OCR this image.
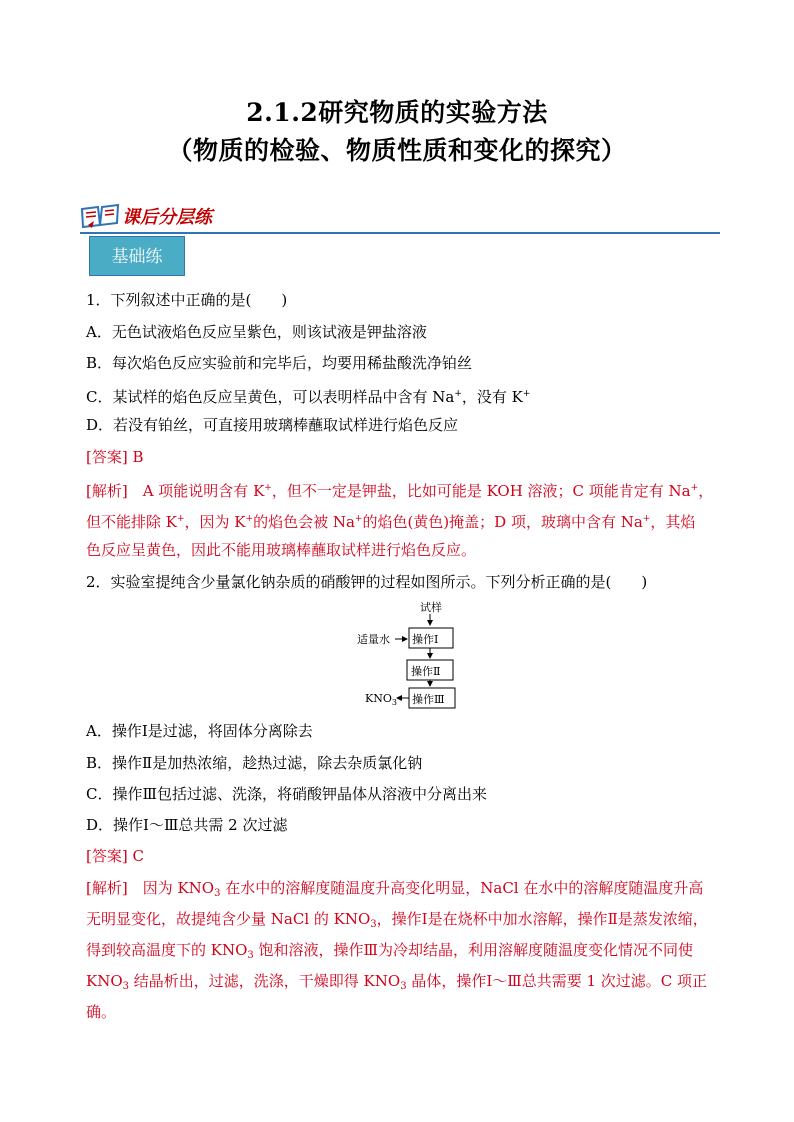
2.1.2研究物质的实验方法
（物质的检验、物质性质和变化的探究）
课后分层练
基础练
1．下列叙述中正确的是(　　)
A．无色试液焰色反应呈紫色，则该试液是钾盐溶液
B．每次焰色反应实验前和完毕后，均要用稀盐酸洗净铂丝
C．某试样的焰色反应呈黄色，可以表明样品中含有 Na+，没有 K+
D．若没有铂丝，可直接用玻璃棒蘸取试样进行焰色反应
[答案] B
[解析]　A 项能说明含有 K+，但不一定是钾盐，比如可能是 KOH 溶液；C 项能肯定有 Na+，
但不能排除 K+，因为 K+的焰色会被 Na+的焰色(黄色)掩盖；D 项，玻璃中含有 Na+，其焰
色反应呈黄色，因此不能用玻璃棒蘸取试样进行焰色反应。
2．实验室提纯含少量氯化钠杂质的硝酸钾的过程如图所示。下列分析正确的是(　　)
试样
适量水 操作Ⅰ
操作Ⅱ
操作Ⅲ
$KNO_3$
A．操作Ⅰ是过滤，将固体分离除去
B．操作Ⅱ是加热浓缩，趁热过滤，除去杂质氯化钠
C．操作Ⅲ包括过滤、洗涤，将硝酸钾晶体从溶液中分离出来
D．操作Ⅰ～Ⅲ总共需 2 次过滤
[答案] C
[解析]　因为 $KNO_3$ 在水中的溶解度随温度升高变化明显，NaCl 在水中的溶解度随温度升高
无明显变化，故提纯含少量 NaCl 的 $KNO_3$，操作Ⅰ是在烧杯中加水溶解，操作Ⅱ是蒸发浓缩，
得到较高温度下的 $KNO_3$ 饱和溶液，操作Ⅲ为冷却结晶，利用溶解度随温度变化情况不同使
$KNO_3$ 结晶析出，过滤，洗涤，干燥即得 $KNO_3$ 晶体，操作Ⅰ～Ⅲ总共需要 1 次过滤。C 项正
确。
